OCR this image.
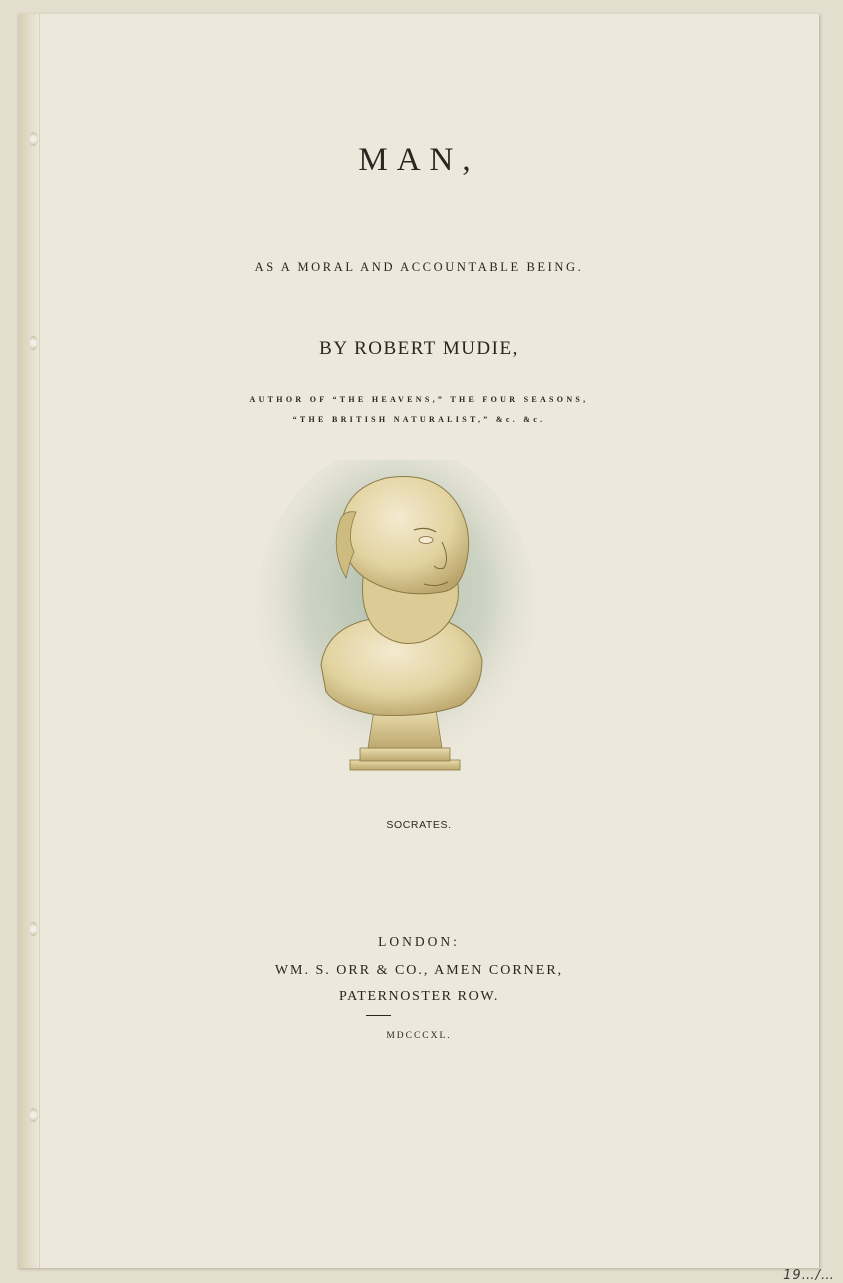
MAN,
AS A MORAL AND ACCOUNTABLE BEING.
BY ROBERT MUDIE,
AUTHOR OF “THE HEAVENS,” THE FOUR SEASONS,
“THE BRITISH NATURALIST,” &c. &c.
SOCRATES.
LONDON:
WM. S. ORR & CO., AMEN CORNER,
PATERNOSTER ROW.
MDCCCXL.
19…/…
